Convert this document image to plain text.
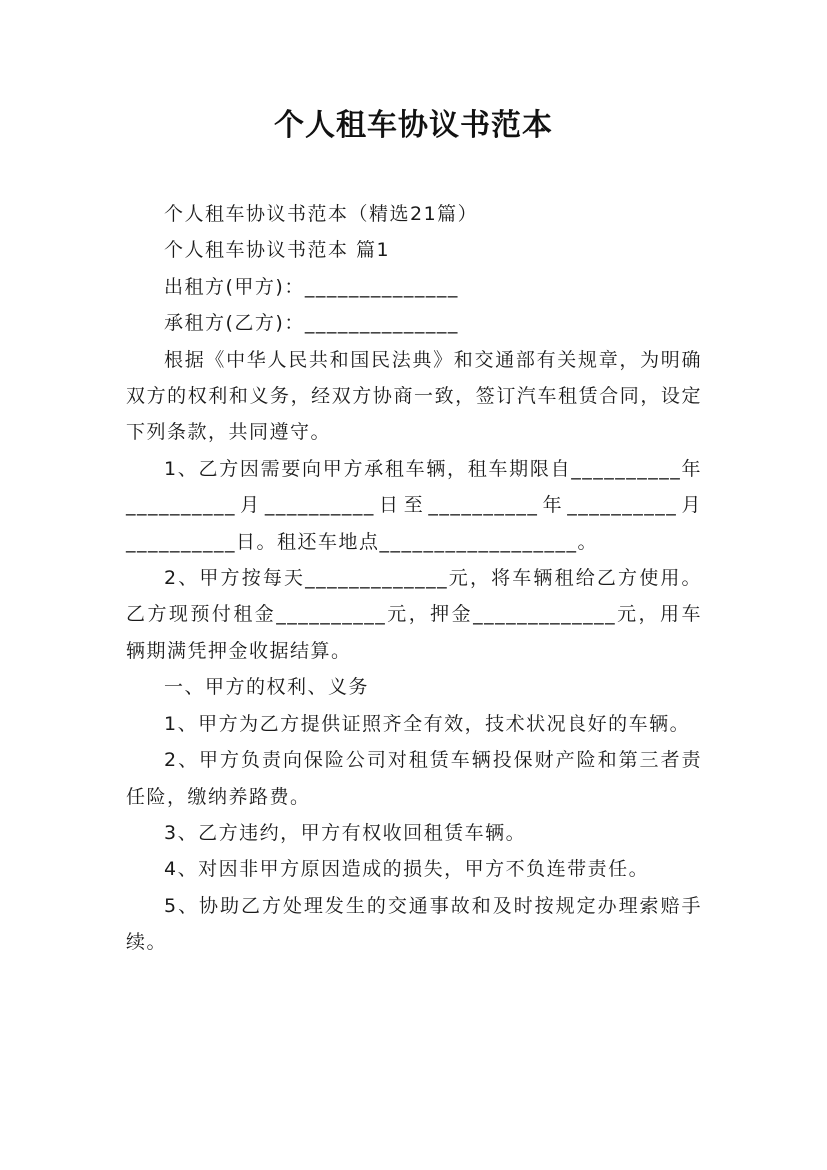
个人租车协议书范本

个人租车协议书范本（精选21篇）

个人租车协议书范本 篇1

出租方(甲方)：______________

承租方(乙方)：______________

根据《中华人民共和国民法典》和交通部有关规章，为明确双方的权利和义务，经双方协商一致，签订汽车租赁合同，设定下列条款，共同遵守。

1、乙方因需要向甲方承租车辆，租车期限自__________年__________月__________日至__________年__________月__________日。租还车地点__________________。

2、甲方按每天_____________元，将车辆租给乙方使用。乙方现预付租金__________元，押金_____________元，用车辆期满凭押金收据结算。

一、甲方的权利、义务

1、甲方为乙方提供证照齐全有效，技术状况良好的车辆。

2、甲方负责向保险公司对租赁车辆投保财产险和第三者责任险，缴纳养路费。

3、乙方违约，甲方有权收回租赁车辆。

4、对因非甲方原因造成的损失，甲方不负连带责任。

5、协助乙方处理发生的交通事故和及时按规定办理索赔手续。
